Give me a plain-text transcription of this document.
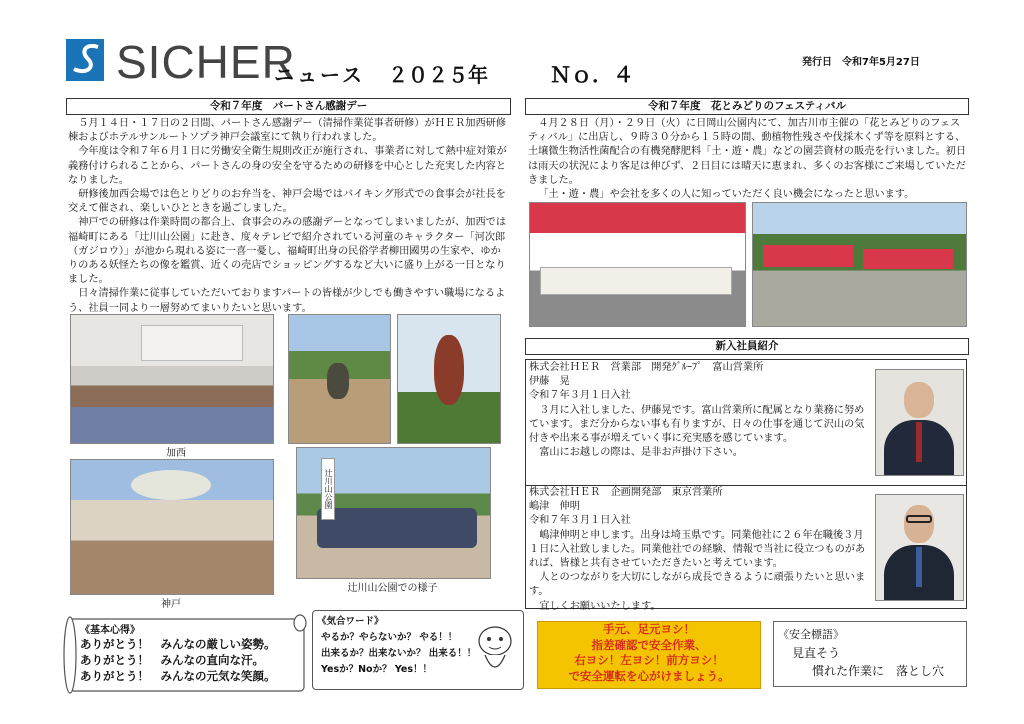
SICHER
ニュース ２０２５年	Ｎｏ．４
発行日　令和7年5月27日
令和７年度　パートさん感謝デー

５月１４日・１７日の２日間、パートさん感謝デー（清掃作業従事者研修）がＨＥＲ加西研修棟およびホテルサンルートソプラ神戸会議室にて執り行われました。

今年度は令和７年６月１日に労働安全衛生規則改正が施行され、事業者に対して熱中症対策が義務付けられることから、パートさんの身の安全を守るための研修を中心とした充実した内容となりました。

研修後加西会場では色とりどりのお弁当を、神戸会場ではバイキング形式での食事会が社長を交えて催され、楽しいひとときを過ごしました。

神戸での研修は作業時間の都合上、食事会のみの感謝デーとなってしまいましたが、加西では福崎町にある「辻川山公園」に赴き、度々テレビで紹介されている河童のキャラクター「河次郎（ガジロウ）」が池から現れる姿に一喜一憂し、福崎町出身の民俗学者柳田國男の生家や、ゆかりのある妖怪たちの像を鑑賞、近くの売店でショッピングするなど大いに盛り上がる一日となりました。

日々清掃作業に従事していただいておりますパートの皆様が少しでも働きやすい職場になるよう、社員一同より一層努めてまいりたいと思います。

加西
神戸
辻川山公園
辻川山公園での様子
令和７年度　花とみどりのフェスティバル

４月２８日（月）・２９日（火）に日岡山公園内にて、加古川市主催の「花とみどりのフェスティバル」に出店し、９時３０分から１５時の間、動植物性残さや伐採木くず等を原料とする、土壌微生物活性菌配合の有機発酵肥料「土・遊・農」などの園芸資材の販売を行いました。初日は雨天の状況により客足は伸びず、２日目には晴天に恵まれ、多くのお客様にご来場していただきました。

「土・遊・農」や会社を多くの人に知っていただく良い機会になったと思います。

新入社員紹介
株式会社ＨＥＲ　営業部　開発ｸﾞﾙｰﾌﾟ　富山営業所
伊藤　晃
令和７年３月１日入社

３月に入社しました、伊藤晃です。富山営業所に配属となり業務に努めています。まだ分からない事も有りますが、日々の仕事を通じて沢山の気付きや出来る事が増えていく事に充実感を感じています。

富山にお越しの際は、是非お声掛け下さい。

株式会社ＨＥＲ　企画開発部　東京営業所
嶋津　伸明
令和７年３月１日入社

嶋津伸明と申します。出身は埼玉県です。同業他社に２６年在職後３月１日に入社致しました。同業他社での経験、情報で当社に役立つものがあれば、皆様と共有させていただきたいと考えています。

人とのつながりを大切にしながら成長できるように頑張りたいと思います。

宜しくお願いいたします。

《基本心得》
ありがとう！　みんなの厳しい姿勢。
ありがとう！　みんなの直向な汗。
ありがとう！　みんなの元気な笑顔。
《気合ワード》
やるか？やらないか？ やる！！
出来るか？出来ないか？ 出来る！！
Yesか？Noか？ Yes！！
手元、足元ヨシ！
指差確認で安全作業、
右ヨシ！左ヨシ！前方ヨシ！
で安全運転を心がけましょう。
《安全標語》
見直そう
慣れた作業に　落とし穴
